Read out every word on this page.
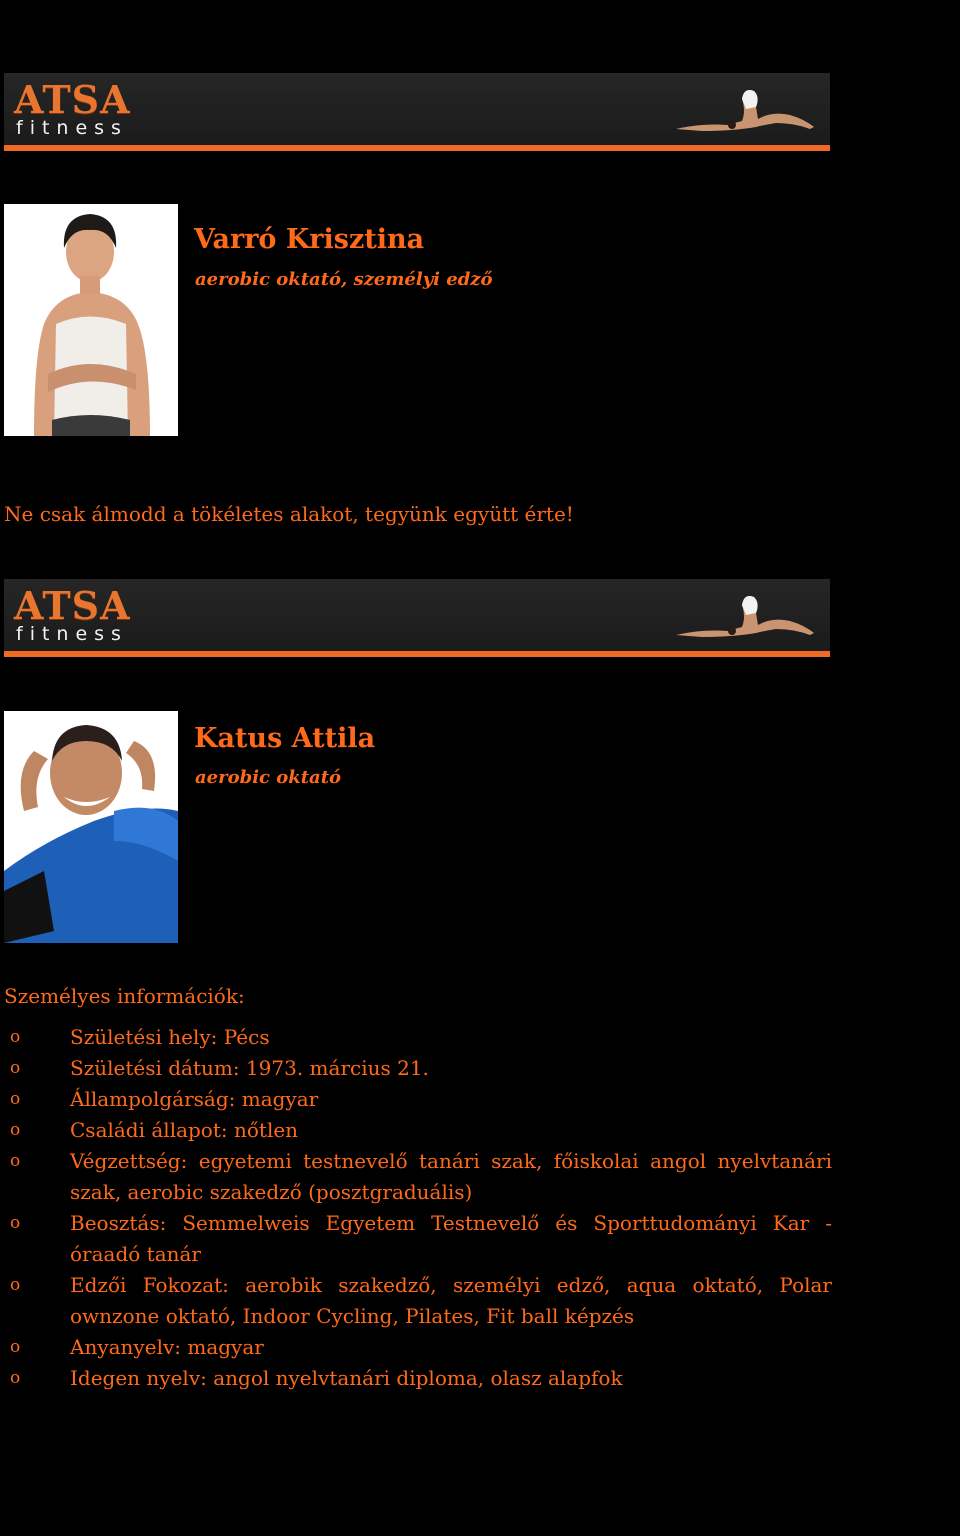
ATSA
fitness
Varró Krisztina
aerobic oktató, személyi edző
Ne csak álmodd a tökéletes alakot, tegyünk együtt érte!
ATSA
fitness
Katus Attila
aerobic oktató
Személyes információk:
o Születési hely: Pécs
o Születési dátum: 1973. március 21.
o Állampolgárság: magyar
o Családi állapot: nőtlen
o Végzettség: egyetemi testnevelő tanári szak, főiskolai angol nyelvtanári szak, aerobic szakedző (posztgraduális)
o Beosztás: Semmelweis Egyetem Testnevelő és Sporttudományi Kar - óraadó tanár
o Edzői Fokozat: aerobik szakedző, személyi edző, aqua oktató, Polar ownzone oktató, Indoor Cycling, Pilates, Fit ball képzés
o Anyanyelv: magyar
o Idegen nyelv: angol nyelvtanári diploma, olasz alapfok
